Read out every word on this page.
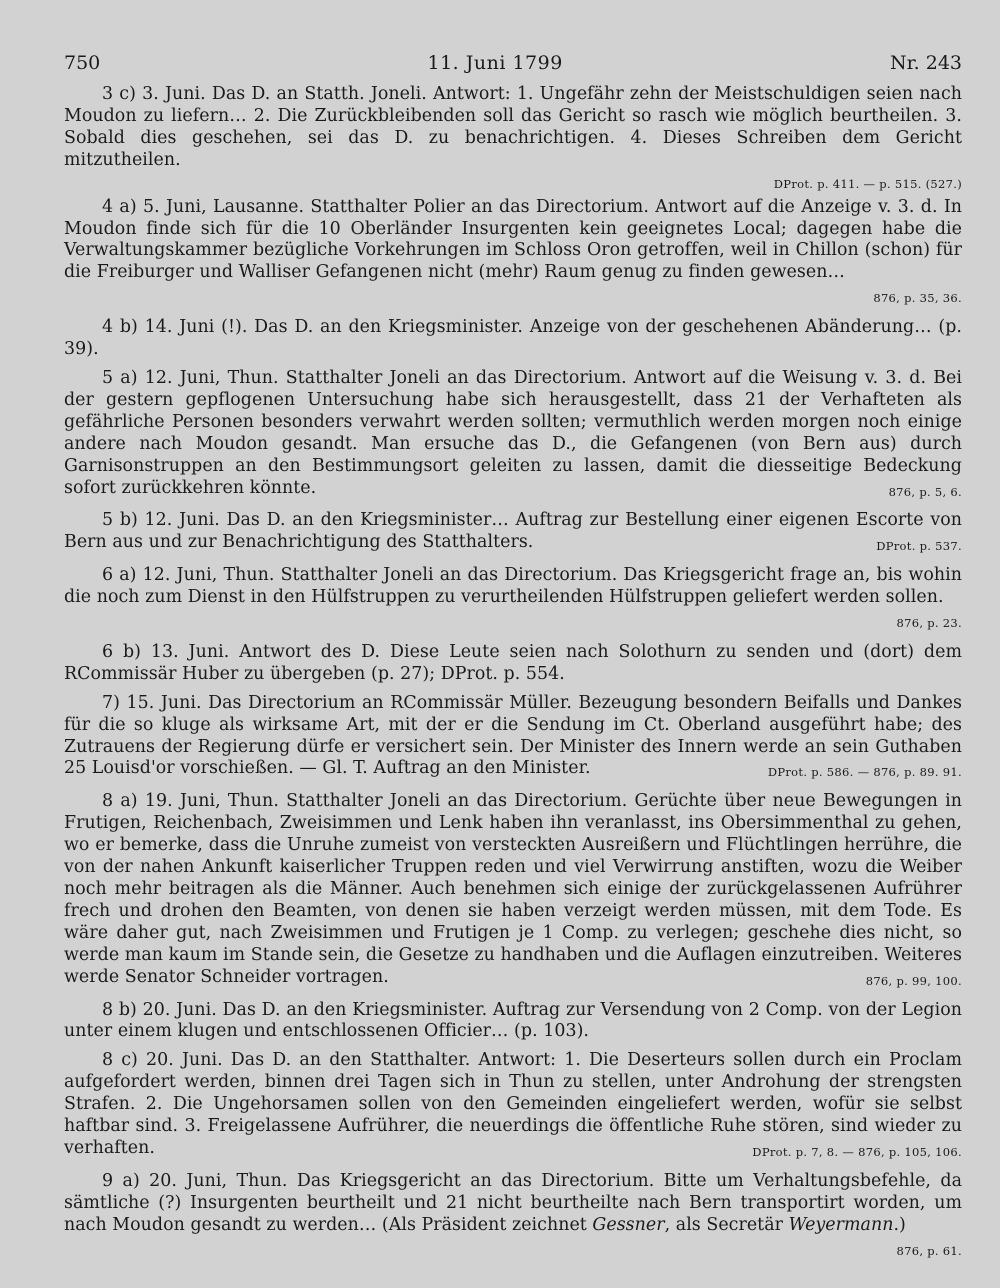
750	11. Juni 1799	Nr. 243

3 c) 3. Juni. Das D. an Statth. Joneli. Antwort: 1. Ungefähr zehn der Meistschuldigen seien nach Moudon zu liefern… 2. Die Zurückbleibenden soll das Gericht so rasch wie möglich beurtheilen. 3. Sobald dies geschehen, sei das D. zu benachrichtigen. 4. Dieses Schreiben dem Gericht mitzutheilen.

DProt. p. 411. — p. 515. (527.)

4 a) 5. Juni, Lausanne. Statthalter Polier an das Directorium. Antwort auf die Anzeige v. 3. d. In Moudon finde sich für die 10 Oberländer Insurgenten kein geeignetes Local; dagegen habe die Verwaltungskammer bezügliche Vorkehrungen im Schloss Oron getroffen, weil in Chillon (schon) für die Freiburger und Walliser Gefangenen nicht (mehr) Raum genug zu finden gewesen…
876, p. 35, 36.

4 b) 14. Juni (!). Das D. an den Kriegsminister. Anzeige von der geschehenen Abänderung… (p. 39).

5 a) 12. Juni, Thun. Statthalter Joneli an das Directorium. Antwort auf die Weisung v. 3. d. Bei der gestern gepflogenen Untersuchung habe sich herausgestellt, dass 21 der Verhafteten als gefährliche Personen besonders verwahrt werden sollten; vermuthlich werden morgen noch einige andere nach Moudon gesandt. Man ersuche das D., die Gefangenen (von Bern aus) durch Garnisonstruppen an den Bestimmungsort geleiten zu lassen, damit die diesseitige Bedeckung sofort zurückkehren könnte.	876, p. 5, 6.

5 b) 12. Juni. Das D. an den Kriegsminister… Auftrag zur Bestellung einer eigenen Escorte von Bern aus und zur Benachrichtigung des Statthalters.	DProt. p. 537.

6 a) 12. Juni, Thun. Statthalter Joneli an das Directorium. Das Kriegsgericht frage an, bis wohin die noch zum Dienst in den Hülfstruppen zu verurtheilenden Hülfstruppen geliefert werden sollen.
876, p. 23.

6 b) 13. Juni. Antwort des D. Diese Leute seien nach Solothurn zu senden und (dort) dem RCommissär Huber zu übergeben (p. 27); DProt. p. 554.

7) 15. Juni. Das Directorium an RCommissär Müller. Bezeugung besondern Beifalls und Dankes für die so kluge als wirksame Art, mit der er die Sendung im Ct. Oberland ausgeführt habe; des Zutrauens der Regierung dürfe er versichert sein. Der Minister des Innern werde an sein Guthaben 25 Louisd'or vorschießen. — Gl. T. Auftrag an den Minister.	DProt. p. 586. — 876, p. 89. 91.

8 a) 19. Juni, Thun. Statthalter Joneli an das Directorium. Gerüchte über neue Bewegungen in Frutigen, Reichenbach, Zweisimmen und Lenk haben ihn veranlasst, ins Obersimmenthal zu gehen, wo er bemerke, dass die Unruhe zumeist von versteckten Ausreißern und Flüchtlingen herrühre, die von der nahen Ankunft kaiserlicher Truppen reden und viel Verwirrung anstiften, wozu die Weiber noch mehr beitragen als die Männer. Auch benehmen sich einige der zurückgelassenen Aufrührer frech und drohen den Beamten, von denen sie haben verzeigt werden müssen, mit dem Tode. Es wäre daher gut, nach Zweisimmen und Frutigen je 1 Comp. zu verlegen; geschehe dies nicht, so werde man kaum im Stande sein, die Gesetze zu handhaben und die Auflagen einzutreiben. Weiteres werde Senator Schneider vortragen.	876, p. 99, 100.

8 b) 20. Juni. Das D. an den Kriegsminister. Auftrag zur Versendung von 2 Comp. von der Legion unter einem klugen und entschlossenen Officier… (p. 103).

8 c) 20. Juni. Das D. an den Statthalter. Antwort: 1. Die Deserteurs sollen durch ein Proclam aufgefordert werden, binnen drei Tagen sich in Thun zu stellen, unter Androhung der strengsten Strafen. 2. Die Ungehorsamen sollen von den Gemeinden eingeliefert werden, wofür sie selbst haftbar sind. 3. Freigelassene Aufrührer, die neuerdings die öffentliche Ruhe stören, sind wieder zu verhaften.	DProt. p. 7, 8. — 876, p. 105, 106.

9 a) 20. Juni, Thun. Das Kriegsgericht an das Directorium. Bitte um Verhaltungsbefehle, da sämtliche (?) Insurgenten beurtheilt und 21 nicht beurtheilte nach Bern transportirt worden, um nach Moudon gesandt zu werden… (Als Präsident zeichnet Gessner, als Secretär Weyermann.)
876, p. 61.
